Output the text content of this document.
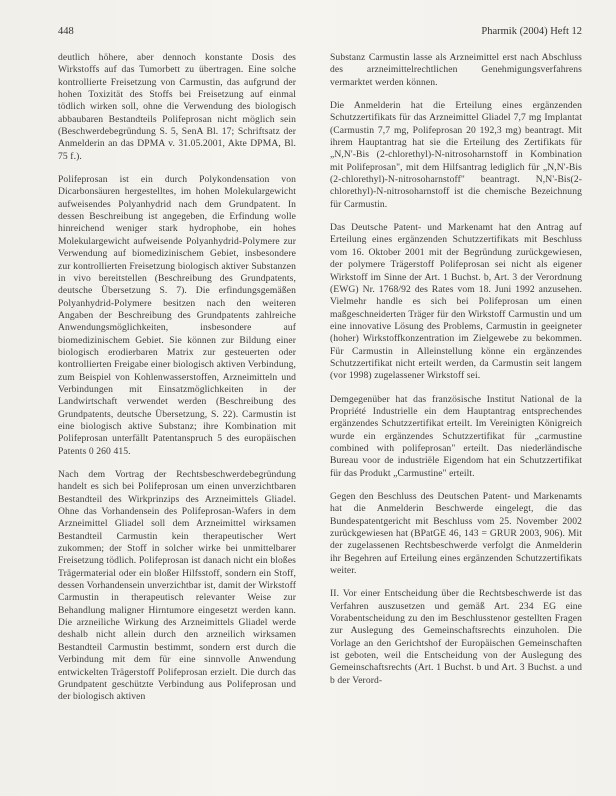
448	Pharmik (2004) Heft 12

deutlich höhere, aber dennoch konstante Dosis des Wirkstoffs auf das Tumorbett zu übertragen. Eine solche kontrollierte Freisetzung von Carmustin, das aufgrund der hohen Toxizität des Stoffs bei Freisetzung auf einmal tödlich wirken soll, ohne die Verwendung des biologisch abbaubaren Bestandteils Polifeprosan nicht möglich sein (Beschwerdebegründung S. 5, SenA Bl. 17; Schriftsatz der Anmelderin an das DPMA v. 31.05.2001, Akte DPMA, Bl. 75 f.).

Polifeprosan ist ein durch Polykondensation von Dicarbonsäuren hergestelltes, im hohen Molekulargewicht aufweisendes Polyanhydrid nach dem Grundpatent. In dessen Beschreibung ist angegeben, die Erfindung wolle hinreichend weniger stark hydrophobe, ein hohes Molekulargewicht aufweisende Polyanhydrid-Polymere zur Verwendung auf biomedizinischem Gebiet, insbesondere zur kontrollierten Freisetzung biologisch aktiver Substanzen in vivo bereitstellen (Beschreibung des Grundpatents, deutsche Übersetzung S. 7). Die erfindungsgemäßen Polyanhydrid-Polymere besitzen nach den weiteren Angaben der Beschreibung des Grundpatents zahlreiche Anwendungsmöglichkeiten, insbesondere auf biomedizinischem Gebiet. Sie können zur Bildung einer biologisch erodierbaren Matrix zur gesteuerten oder kontrollierten Freigabe einer biologisch aktiven Verbindung, zum Beispiel von Kohlenwasserstoffen, Arzneimitteln und Verbindungen mit Einsatzmöglichkeiten in der Landwirtschaft verwendet werden (Beschreibung des Grundpatents, deutsche Übersetzung, S. 22). Carmustin ist eine biologisch aktive Substanz; ihre Kombination mit Polifeprosan unterfällt Patentanspruch 5 des europäischen Patents 0 260 415.

Nach dem Vortrag der Rechtsbeschwerdebegründung handelt es sich bei Polifeprosan um einen unverzichtbaren Bestandteil des Wirkprinzips des Arzneimittels Gliadel. Ohne das Vorhandensein des Polifeprosan-Wafers in dem Arzneimittel Gliadel soll dem Arzneimittel wirksamen Bestandteil Carmustin kein therapeutischer Wert zukommen; der Stoff in solcher wirke bei unmittelbarer Freisetzung tödlich. Polifeprosan ist danach nicht ein bloßes Trägermaterial oder ein bloßer Hilfsstoff, sondern ein Stoff, dessen Vorhandensein unverzichtbar ist, damit der Wirkstoff Carmustin in therapeutisch relevanter Weise zur Behandlung maligner Hirntumore eingesetzt werden kann. Die arzneiliche Wirkung des Arzneimittels Gliadel werde deshalb nicht allein durch den arzneilich wirksamen Bestandteil Carmustin bestimmt, sondern erst durch die Verbindung mit dem für eine sinnvolle Anwendung entwickelten Trägerstoff Polifeprosan erzielt. Die durch das Grundpatent geschützte Verbindung aus Polifeprosan und der biologisch aktiven

Substanz Carmustin lasse als Arzneimittel erst nach Abschluss des arzneimittelrechtlichen Genehmigungsverfahrens vermarktet werden können.

Die Anmelderin hat die Erteilung eines ergänzenden Schutzzertifikats für das Arzneimittel Gliadel 7,7 mg Implantat (Carmustin 7,7 mg, Polifeprosan 20 192,3 mg) beantragt. Mit ihrem Hauptantrag hat sie die Erteilung des Zertifikats für „N,N'-Bis (2-chlorethyl)-N-nitrosoharnstoff in Kombination mit Polifeprosan", mit dem Hilfsantrag lediglich für „N,N'-Bis (2-chlorethyl)-N-nitrosoharnstoff" beantragt. N,N'-Bis(2-chlorethyl)-N-nitrosoharnstoff ist die chemische Bezeichnung für Carmustin.

Das Deutsche Patent- und Markenamt hat den Antrag auf Erteilung eines ergänzenden Schutzzertifikats mit Beschluss vom 16. Oktober 2001 mit der Begründung zurückgewiesen, der polymere Trägerstoff Polifeprosan sei nicht als eigener Wirkstoff im Sinne der Art. 1 Buchst. b, Art. 3 der Verordnung (EWG) Nr. 1768/92 des Rates vom 18. Juni 1992 anzusehen. Vielmehr handle es sich bei Polifeprosan um einen maßgeschneiderten Träger für den Wirkstoff Carmustin und um eine innovative Lösung des Problems, Carmustin in geeigneter (hoher) Wirkstoffkonzentration im Zielgewebe zu bekommen. Für Carmustin in Alleinstellung könne ein ergänzendes Schutzzertifikat nicht erteilt werden, da Carmustin seit langem (vor 1998) zugelassener Wirkstoff sei.

Demgegenüber hat das französische Institut National de la Propriété Industrielle ein dem Hauptantrag entsprechendes ergänzendes Schutzzertifikat erteilt. Im Vereinigten Königreich wurde ein ergänzendes Schutzzertifikat für „carmustine combined with polifeprosan" erteilt. Das niederländische Bureau voor de industriële Eigendom hat ein Schutzzertifikat für das Produkt „Carmustine" erteilt.

Gegen den Beschluss des Deutschen Patent- und Markenamts hat die Anmelderin Beschwerde eingelegt, die das Bundespatentgericht mit Beschluss vom 25. November 2002 zurückgewiesen hat (BPatGE 46, 143 = GRUR 2003, 906). Mit der zugelassenen Rechtsbeschwerde verfolgt die Anmelderin ihr Begehren auf Erteilung eines ergänzenden Schutzzertifikats weiter.

II. Vor einer Entscheidung über die Rechtsbeschwerde ist das Verfahren auszusetzen und gemäß Art. 234 EG eine Vorabentscheidung zu den im Beschlusstenor gestellten Fragen zur Auslegung des Gemeinschaftsrechts einzuholen. Die Vorlage an den Gerichtshof der Europäischen Gemeinschaften ist geboten, weil die Entscheidung von der Auslegung des Gemeinschaftsrechts (Art. 1 Buchst. b und Art. 3 Buchst. a und b der Verord-
